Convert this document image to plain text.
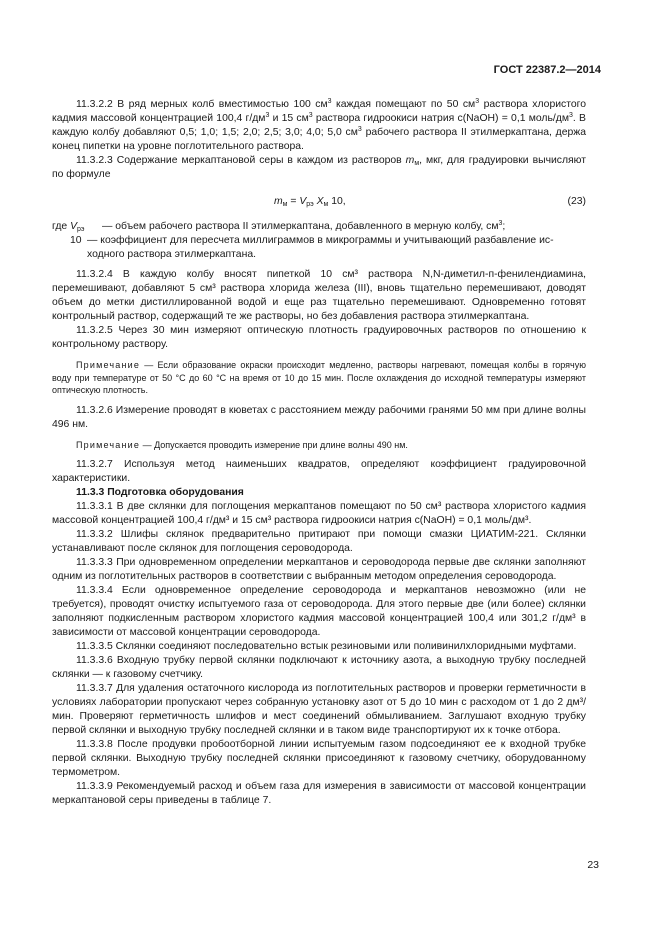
ГОСТ 22387.2—2014

11.3.2.2 В ряд мерных колб вместимостью 100 $см^3$ каждая помещают по 50 $см^3$ раствора хлористого кадмия массовой концентрацией 100,4 $г/дм^3$ и 15 $см^3$ раствора гидроокиси натрия с(NaOH) = 0,1 моль/$дм^3$. В каждую колбу добавляют 0,5; 1,0; 1,5; 2,0; 2,5; 3,0; 4,0; 5,0 $см^3$ рабочего раствора II этилмеркаптана, держа конец пипетки на уровне поглотительного раствора.

11.3.2.3 Содержание меркаптановой серы в каждом из растворов $m_м$, мкг, для градуировки вычисляют по формуле

$m_м = V_{рэ}$ $X_м$ 10,	(23)
где $V_{рэ}$ — объем рабочего раствора II этилмеркаптана, добавленного в мерную колбу, $см^3$;
10 — коэффициент для пересчета миллиграммов в микрограммы и учитывающий разбавление ис-

ходного раствора этилмеркаптана.

11.3.2.4 В каждую колбу вносят пипеткой 10 см³ раствора N,N-диметил-п-фенилендиамина, перемешивают, добавляют 5 см³ раствора хлорида железа (III), вновь тщательно перемешивают, доводят объем до метки дистиллированной водой и еще раз тщательно перемешивают. Одновременно готовят контрольный раствор, содержащий те же растворы, но без добавления раствора этилмеркаптана.

11.3.2.5 Через 30 мин измеряют оптическую плотность градуировочных растворов по отношению к контрольному раствору.

Примечание — Если образование окраски происходит медленно, растворы нагревают, помещая колбы в горячую воду при температуре от 50 °С до 60 °С на время от 10 до 15 мин. После охлаждения до исходной температуры измеряют оптическую плотность.

11.3.2.6 Измерение проводят в кюветах с расстоянием между рабочими гранями 50 мм при длине волны 496 нм.

Примечание — Допускается проводить измерение при длине волны 490 нм.

11.3.2.7 Используя метод наименьших квадратов, определяют коэффициент градуировочной характеристики.

11.3.3 Подготовка оборудования

11.3.3.1 В две склянки для поглощения меркаптанов помещают по 50 см³ раствора хлористого кадмия массовой концентрацией 100,4 г/дм³ и 15 см³ раствора гидроокиси натрия с(NaOH) = 0,1 моль/дм³.

11.3.3.2 Шлифы склянок предварительно притирают при помощи смазки ЦИАТИМ-221. Склянки устанавливают после склянок для поглощения сероводорода.

11.3.3.3 При одновременном определении меркаптанов и сероводорода первые две склянки заполняют одним из поглотительных растворов в соответствии с выбранным методом определения сероводорода.

11.3.3.4 Если одновременное определение сероводорода и меркаптанов невозможно (или не требуется), проводят очистку испытуемого газа от сероводорода. Для этого первые две (или более) склянки заполняют подкисленным раствором хлористого кадмия массовой концентрацией 100,4 или 301,2 г/дм³ в зависимости от массовой концентрации сероводорода.

11.3.3.5 Склянки соединяют последовательно встык резиновыми или поливинилхлоридными муфтами.

11.3.3.6 Входную трубку первой склянки подключают к источнику азота, а выходную трубку последней склянки — к газовому счетчику.

11.3.3.7 Для удаления остаточного кислорода из поглотительных растворов и проверки герметичности в условиях лаборатории пропускают через собранную установку азот от 5 до 10 мин с расходом от 1 до 2 дм³/мин. Проверяют герметичность шлифов и мест соединений обмыливанием. Заглушают входную трубку первой склянки и выходную трубку последней склянки и в таком виде транспортируют их к точке отбора.

11.3.3.8 После продувки пробоотборной линии испытуемым газом подсоединяют ее к входной трубке первой склянки. Выходную трубку последней склянки присоединяют к газовому счетчику, оборудованному термометром.

11.3.3.9 Рекомендуемый расход и объем газа для измерения в зависимости от массовой концентрации меркаптановой серы приведены в таблице 7.

23
